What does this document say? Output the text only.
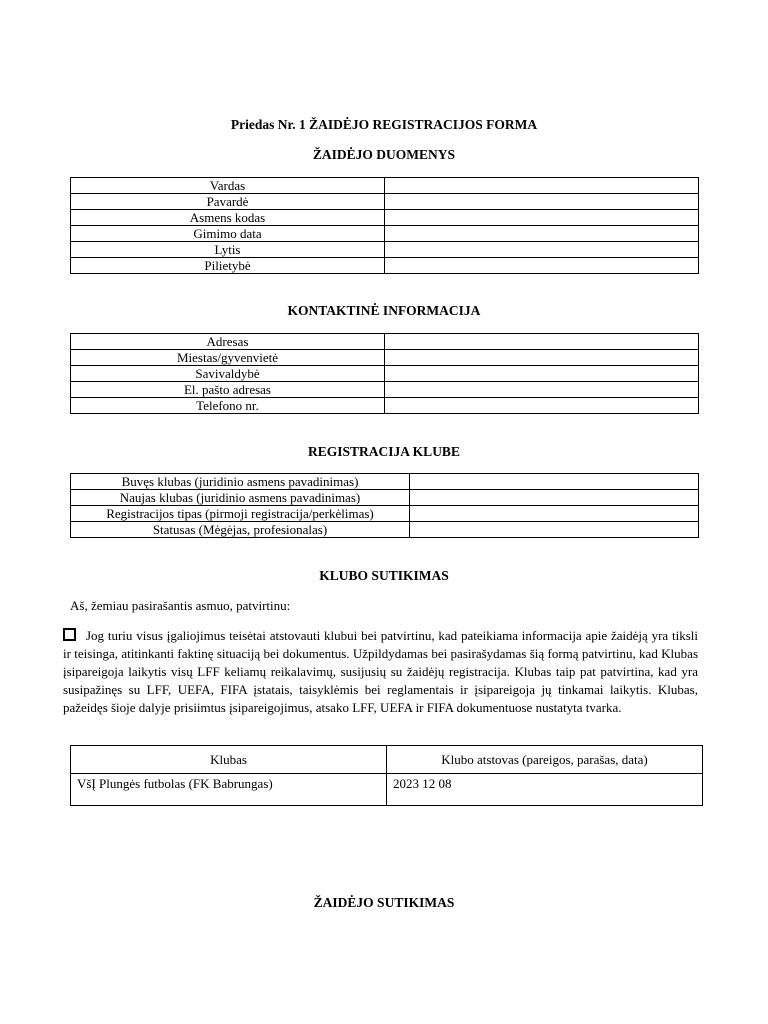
Priedas Nr. 1 ŽAIDĖJO REGISTRACIJOS FORMA
ŽAIDĖJO DUOMENYS
Vardas	
Pavardė	
Asmens kodas	
Gimimo data	
Lytis	
Pilietybė	
KONTAKTINĖ INFORMACIJA
Adresas	
Miestas/gyvenvietė	
Savivaldybė	
El. pašto adresas	
Telefono nr.	
REGISTRACIJA KLUBE
Buvęs klubas (juridinio asmens pavadinimas)	
Naujas klubas (juridinio asmens pavadinimas)	
Registracijos tipas (pirmoji registracija/perkėlimas)	
Statusas (Mėgėjas, profesionalas)	
KLUBO SUTIKIMAS
Aš, žemiau pasirašantis asmuo, patvirtinu:
Jog turiu visus įgaliojimus teisėtai atstovauti klubui bei patvirtinu, kad pateikiama informacija apie žaidėją yra tiksli ir teisinga, atitinkanti faktinę situaciją bei dokumentus. Užpildydamas bei pasirašydamas šią formą patvirtinu, kad Klubas įsipareigoja laikytis visų LFF keliamų reikalavimų, susijusių su žaidėjų registracija. Klubas taip pat patvirtina, kad yra susipažinęs su LFF, UEFA, FIFA įstatais, taisyklėmis bei reglamentais ir įsipareigoja jų tinkamai laikytis. Klubas, pažeidęs šioje dalyje prisiimtus įsipareigojimus, atsako LFF, UEFA ir FIFA dokumentuose nustatyta tvarka.
Klubas	Klubo atstovas (pareigos, parašas, data)
VšĮ Plungės futbolas (FK Babrungas)	2023 12 08
ŽAIDĖJO SUTIKIMAS
